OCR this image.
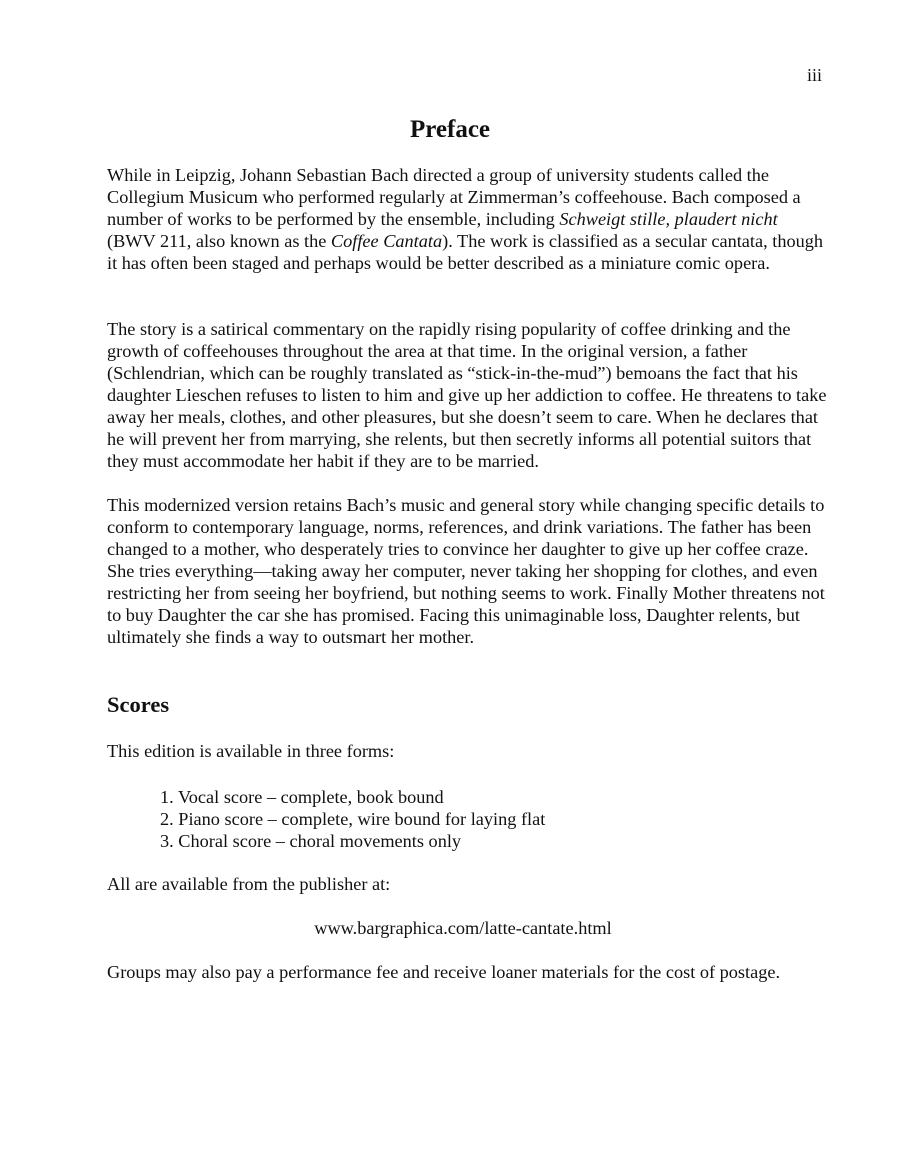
iii
Preface

While in Leipzig, Johann Sebastian Bach directed a group of university students called the Collegium Musicum who performed regularly at Zimmerman’s coffeehouse. Bach composed a number of works to be performed by the ensemble, including Schweigt stille, plaudert nicht (BWV 211, also known as the Coffee Cantata). The work is classified as a secular cantata, though it has often been staged and perhaps would be better described as a miniature comic opera.

The story is a satirical commentary on the rapidly rising popularity of coffee drinking and the growth of coffeehouses throughout the area at that time. In the original version, a father (Schlendrian, which can be roughly translated as “stick-in-the-mud”) bemoans the fact that his daughter Lieschen refuses to listen to him and give up her addiction to coffee. He threatens to take away her meals, clothes, and other pleasures, but she doesn’t seem to care. When he declares that he will prevent her from marrying, she relents, but then secretly informs all potential suitors that they must accommodate her habit if they are to be married.

This modernized version retains Bach’s music and general story while changing specific details to conform to contemporary language, norms, references, and drink variations. The father has been changed to a mother, who desperately tries to convince her daughter to give up her coffee craze. She tries everything—taking away her computer, never taking her shopping for clothes, and even restricting her from seeing her boyfriend, but nothing seems to work. Finally Mother threatens not to buy Daughter the car she has promised. Facing this unimaginable loss, Daughter relents, but ultimately she finds a way to outsmart her mother.

Scores

This edition is available in three forms:

1. Vocal score – complete, book bound
2. Piano score – complete, wire bound for laying flat
3. Choral score – choral movements only

All are available from the publisher at:

www.bargraphica.com/latte-cantate.html

Groups may also pay a performance fee and receive loaner materials for the cost of postage.
